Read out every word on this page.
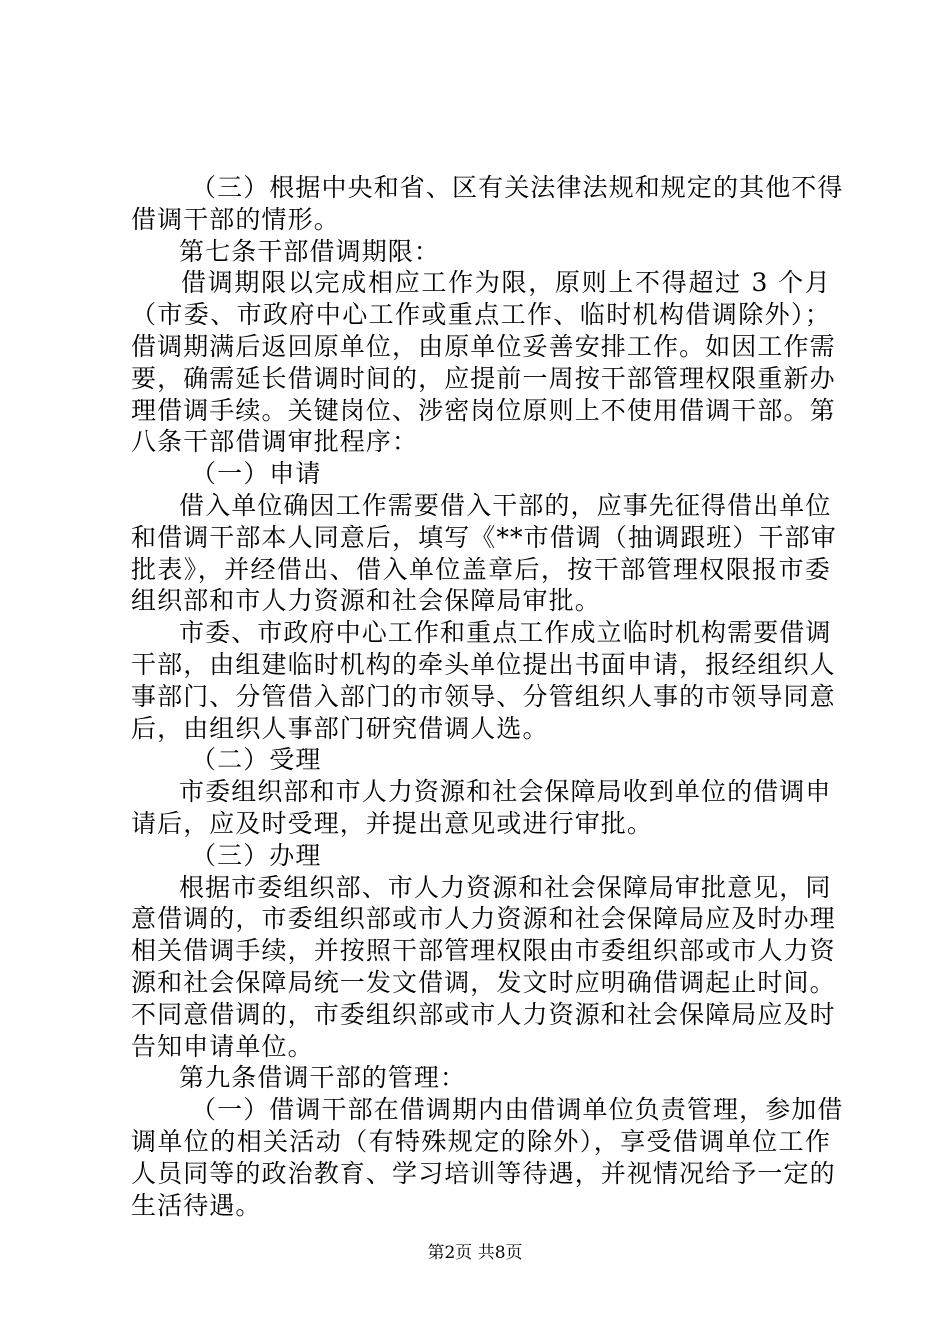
（三）根据中央和省、区有关法律法规和规定的其他不得
借调干部的情形。
第七条干部借调期限：
借调期限以完成相应工作为限，原则上不得超过 3 个月
（市委、市政府中心工作或重点工作、临时机构借调除外）；
借调期满后返回原单位，由原单位妥善安排工作。如因工作需
要，确需延长借调时间的，应提前一周按干部管理权限重新办
理借调手续。关键岗位、涉密岗位原则上不使用借调干部。第
八条干部借调审批程序：
（一）申请
借入单位确因工作需要借入干部的，应事先征得借出单位
和借调干部本人同意后，填写《**市借调（抽调跟班）干部审
批表》，并经借出、借入单位盖章后，按干部管理权限报市委
组织部和市人力资源和社会保障局审批。
市委、市政府中心工作和重点工作成立临时机构需要借调
干部，由组建临时机构的牵头单位提出书面申请，报经组织人
事部门、分管借入部门的市领导、分管组织人事的市领导同意
后，由组织人事部门研究借调人选。
（二）受理
市委组织部和市人力资源和社会保障局收到单位的借调申
请后，应及时受理，并提出意见或进行审批。
（三）办理
根据市委组织部、市人力资源和社会保障局审批意见，同
意借调的，市委组织部或市人力资源和社会保障局应及时办理
相关借调手续，并按照干部管理权限由市委组织部或市人力资
源和社会保障局统一发文借调，发文时应明确借调起止时间。
不同意借调的，市委组织部或市人力资源和社会保障局应及时
告知申请单位。
第九条借调干部的管理：
（一）借调干部在借调期内由借调单位负责管理，参加借
调单位的相关活动（有特殊规定的除外），享受借调单位工作
人员同等的政治教育、学习培训等待遇，并视情况给予一定的
生活待遇。
第2页 共8页
